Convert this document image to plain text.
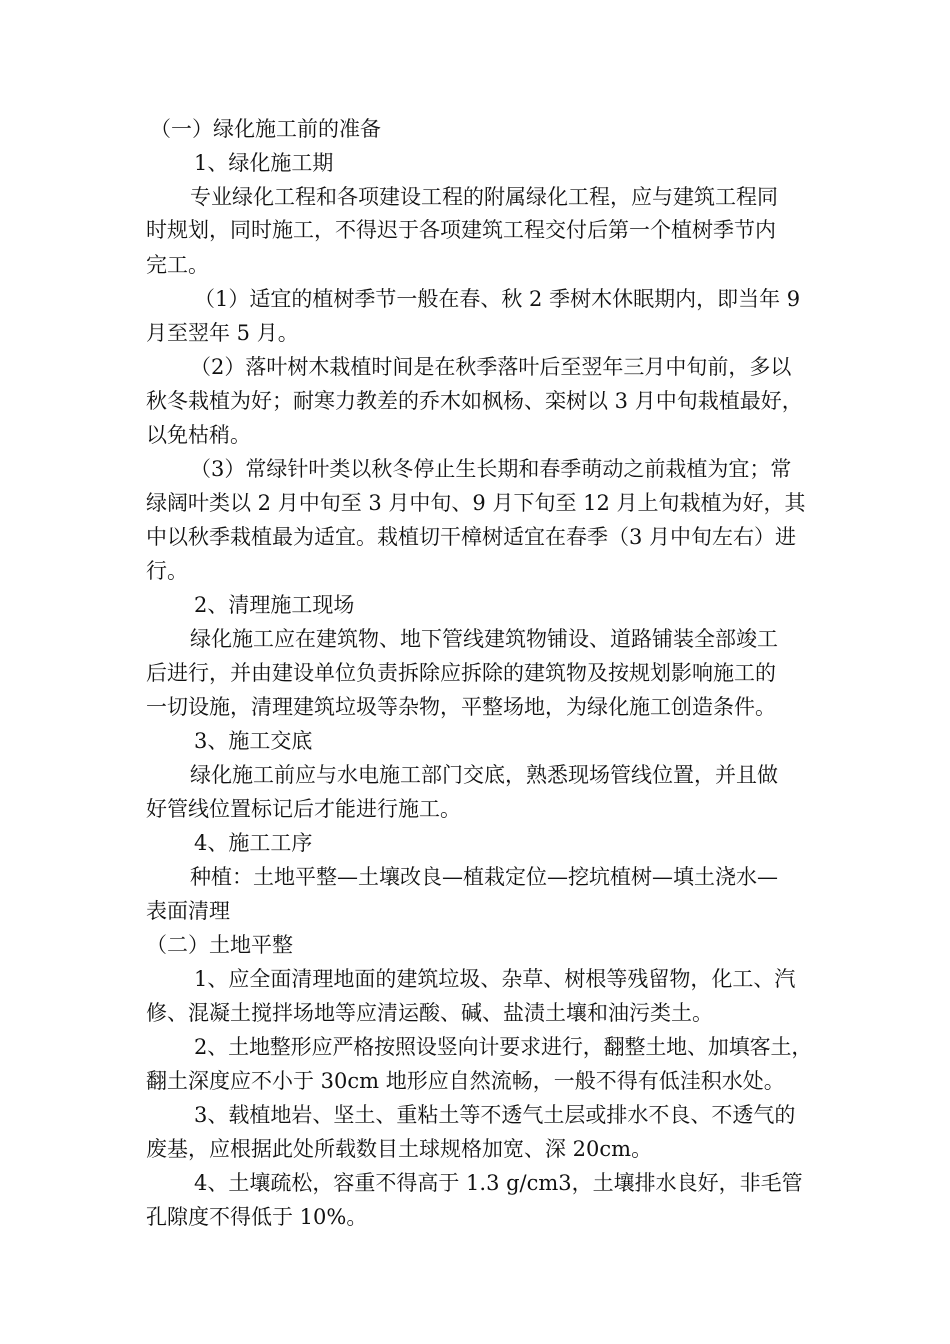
（一）绿化施工前的准备
1、绿化施工期
专业绿化工程和各项建设工程的附属绿化工程，应与建筑工程同
时规划，同时施工，不得迟于各项建筑工程交付后第一个植树季节内
完工。
（1）适宜的植树季节一般在春、秋 2 季树木休眠期内，即当年 9
月至翌年 5 月。
（2）落叶树木栽植时间是在秋季落叶后至翌年三月中旬前，多以
秋冬栽植为好；耐寒力教差的乔木如枫杨、栾树以 3 月中旬栽植最好，
以免枯稍。
（3）常绿针叶类以秋冬停止生长期和春季萌动之前栽植为宜；常
绿阔叶类以 2 月中旬至 3 月中旬、9 月下旬至 12 月上旬栽植为好，其
中以秋季栽植最为适宜。栽植切干樟树适宜在春季（3 月中旬左右）进
行。
2、清理施工现场
绿化施工应在建筑物、地下管线建筑物铺设、道路铺装全部竣工
后进行，并由建设单位负责拆除应拆除的建筑物及按规划影响施工的
一切设施，清理建筑垃圾等杂物，平整场地，为绿化施工创造条件。
3、施工交底
绿化施工前应与水电施工部门交底，熟悉现场管线位置，并且做
好管线位置标记后才能进行施工。
4、施工工序
种植：土地平整—土壤改良—植栽定位—挖坑植树—填土浇水—
表面清理
（二）土地平整
1、应全面清理地面的建筑垃圾、杂草、树根等残留物，化工、汽
修、混凝土搅拌场地等应清运酸、碱、盐渍土壤和油污类土。
2、土地整形应严格按照设竖向计要求进行，翻整土地、加填客土，
翻土深度应不小于 30cm 地形应自然流畅，一般不得有低洼积水处。
3、载植地岩、坚土、重粘土等不透气土层或排水不良、不透气的
废基，应根据此处所载数目土球规格加宽、深 20cm。
4、土壤疏松，容重不得高于 1.3 g/cm3，土壤排水良好，非毛管
孔隙度不得低于 10%。
